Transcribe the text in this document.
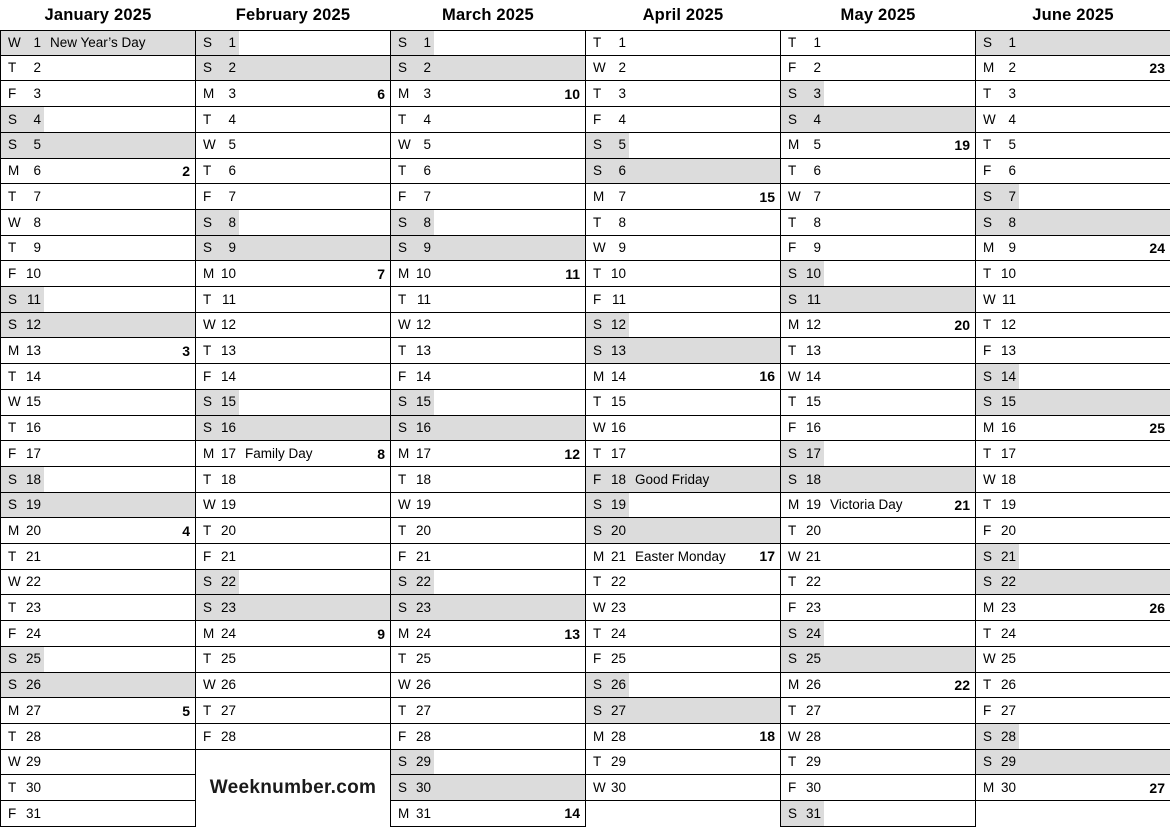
January 2025
W 1 New Year’s Day
T	2
F	3
S	4
S	5
M	6	2
T	7
W 8
T	9
F 10
S 11
S 12
M 13	3
T 14
W 15
T 16
F 17
S 18
S 19
M 20	4
T 21
W 22
T 23
F 24
S 25
S 26
M 27	5
T 28
W 29
T 30
F 31
February 2025
S	1
S	2
M	3	6
T	4
W 5
T	6
F	7
S	8
S	9
M 10	7
T 11
W 12
T 13
F 14
S 15
S 16
M 17 Family Day	8
T 18
W 19
T 20
F 21
S 22
S 23
M 24	9
T 25
W 26
T 27
F 28
Weeknumber.com
March 2025
S	1
S	2
M	3	10
T	4
W 5
T	6
F	7
S	8
S	9
M 10	11
T 11
W 12
T 13
F 14
S 15
S 16
M 17	12
T 18
W 19
T 20
F 21
S 22
S 23
M 24	13
T 25
W 26
T 27
F 28
S 29
S 30
M 31	14
April 2025
T	1
W 2
T	3
F	4
S	5
S	6
M	7	15
T	8
W 9
T 10
F 11
S 12
S 13
M 14	16
T 15
W 16
T 17
F 18 Good Friday
S 19
S 20
M 21 Easter Monday 17
T 22
W 23
T 24
F 25
S 26
S 27
M 28	18
T 29
W 30
May 2025
T	1
F	2
S	3
S	4
M	5	19
T	6
W 7
T	8
F	9
S 10
S 11
M 12	20
T 13
W 14
T 15
F 16
S 17
S 18
M 19 Victoria Day	21
T 20
W 21
T 22
F 23
S 24
S 25
M 26	22
T 27
W 28
T 29
F 30
S 31
June 2025
S	1
M	2	23
T	3
W 4
T	5
F	6
S	7
S	8
M	9	24
T 10
W 11
T 12
F 13
S 14
S 15
M 16	25
T 17
W 18
T 19
F 20
S 21
S 22
M 23	26
T 24
W 25
T 26
F 27
S 28
S 29
M 30	27
